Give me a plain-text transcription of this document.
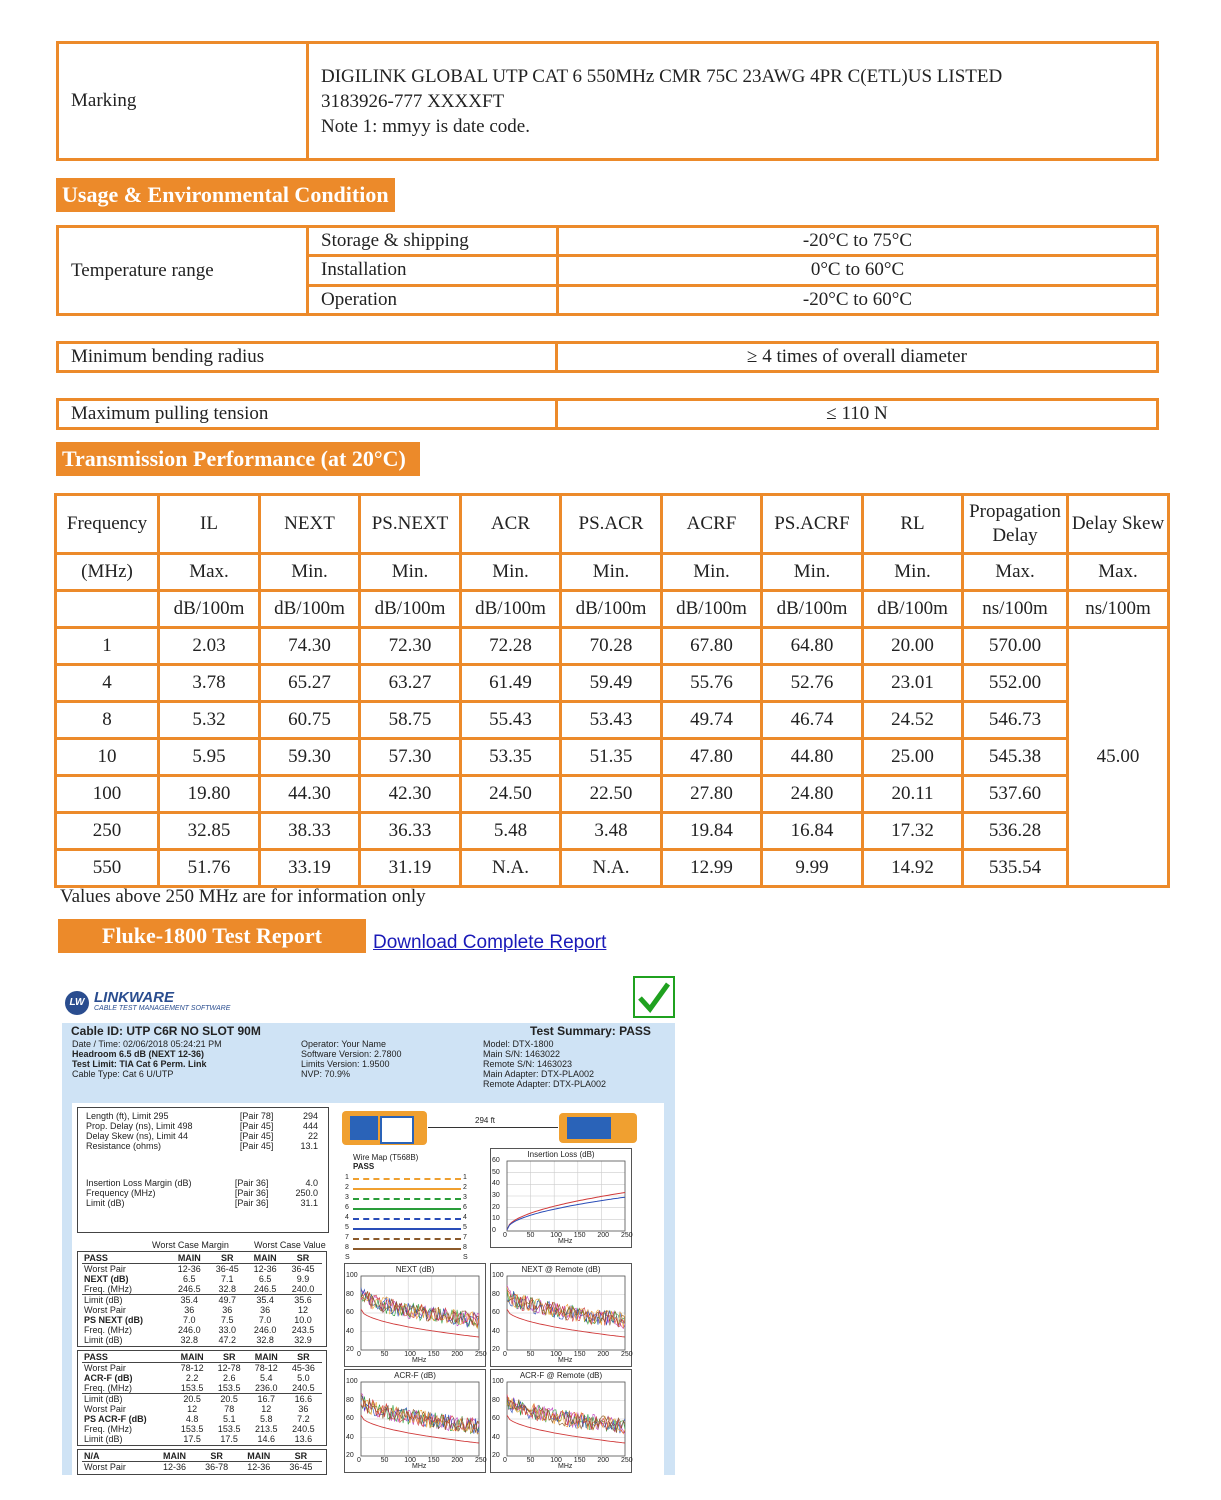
Marking	
DIGILINK GLOBAL UTP CAT 6 550MHz CMR 75C 23AWG 4PR C(ETL)US LISTED
3183926-777 XXXXFT
Note 1: mmyy is date code.
Usage & Environmental Condition
Temperature range	Storage & shipping	-20°C to 75°C
	Installation	0°C to 60°C
	Operation	-20°C to 60°C
Minimum bending radius	≥ 4 times of overall diameter
Maximum pulling tension	≤ 110 N
Transmission Performance (at 20°C)
Frequency	IL	NEXT	PS.NEXT	ACR	PS.ACR	ACRF	PS.ACRF	RL	Propagation Delay	Delay Skew
(MHz)	Max.	Min.	Min.	Min.	Min.	Min.	Min.	Min.	Max.	Max.
	dB/100m	dB/100m	dB/100m	dB/100m	dB/100m	dB/100m	dB/100m	dB/100m	ns/100m	ns/100m
1	2.03	74.30	72.30	72.28	70.28	67.80	64.80	20.00	570.00	45.00
4	3.78	65.27	63.27	61.49	59.49	55.76	52.76	23.01	552.00	
8	5.32	60.75	58.75	55.43	53.43	49.74	46.74	24.52	546.73	
10	5.95	59.30	57.30	53.35	51.35	47.80	44.80	25.00	545.38	
100	19.80	44.30	42.30	24.50	22.50	27.80	24.80	20.11	537.60	
250	32.85	38.33	36.33	5.48	3.48	19.84	16.84	17.32	536.28	
550	51.76	33.19	31.19	N.A.	N.A.	12.99	9.99	14.92	535.54	
Values above 250 MHz are for information only
Fluke-1800 Test Report	Download Complete Report
LW LINKWARE
CABLE TEST MANAGEMENT SOFTWARE
Cable ID: UTP C6R NO SLOT 90M	Test Summary: PASS
Date / Time: 02/06/2018 05:24:21 PM
Headroom 6.5 dB (NEXT 12-36)
Test Limit: TIA Cat 6 Perm. Link
Cable Type: Cat 6 U/UTP
Operator: Your Name
Software Version: 2.7800
Limits Version: 1.9500
NVP: 70.9%
Model: DTX-1800
Main S/N: 1463022
Remote S/N: 1463023
Main Adapter: DTX-PLA002
Remote Adapter: DTX-PLA002
Length (ft), Limit 295	[Pair 78]	294
Prop. Delay (ns), Limit 498	[Pair 45]	444
Delay Skew (ns), Limit 44	[Pair 45]	22
Resistance (ohms)	[Pair 45]	13.1
Insertion Loss Margin (dB)	[Pair 36]	4.0
Frequency (MHz)	[Pair 36]	250.0
Limit (dB)	[Pair 36]	31.1
Worst Case Margin	Worst Case Value
PASS	MAIN	SR	MAIN	SR
Worst Pair	12-36	36-45	12-36	36-45
NEXT (dB)	6.5	7.1	6.5	9.9
Freq. (MHz)	246.5	32.8	246.5	240.0
Limit (dB)	35.4	49.7	35.4	35.6
Worst Pair	36	36	36	12
PS NEXT (dB)	7.0	7.5	7.0	10.0
Freq. (MHz)	246.0	33.0	246.0	243.5
Limit (dB)	32.8	47.2	32.8	32.9
PASS	MAIN	SR	MAIN	SR
Worst Pair	78-12	12-78	78-12	45-36
ACR-F (dB)	2.2	2.6	5.4	5.0
Freq. (MHz)	153.5	153.5	236.0	240.5
Limit (dB)	20.5	20.5	16.7	16.6
Worst Pair	12	78	12	36
PS ACR-F (dB)	4.8	5.1	5.8	7.2
Freq. (MHz)	153.5	153.5	213.5	240.5
Limit (dB)	17.5	17.5	14.6	13.6
N/A	MAIN	SR	MAIN	SR
Worst Pair	12-36	36-78	12-36	36-45
294 ft
Wire Map (T568B)
PASS
1	1
2	2
3	3
6	6
4	4
5	5
7	7
8	8
S	S
Insertion Loss (dB)
60
50
40
30
20
10
0
0	50 100 150 200 250
MHz
NEXT (dB)
100
80
60
40
20
0	50 100 150 200 250
MHz
NEXT @ Remote (dB)
100
80
60
40
20
0	50 100 150 200 250
MHz
ACR-F (dB)
100
80
60
40
20
0	50 100 150 200 250
MHz
ACR-F @ Remote (dB)
100
80
60
40
20
0	50 100 150 200 250
MHz
